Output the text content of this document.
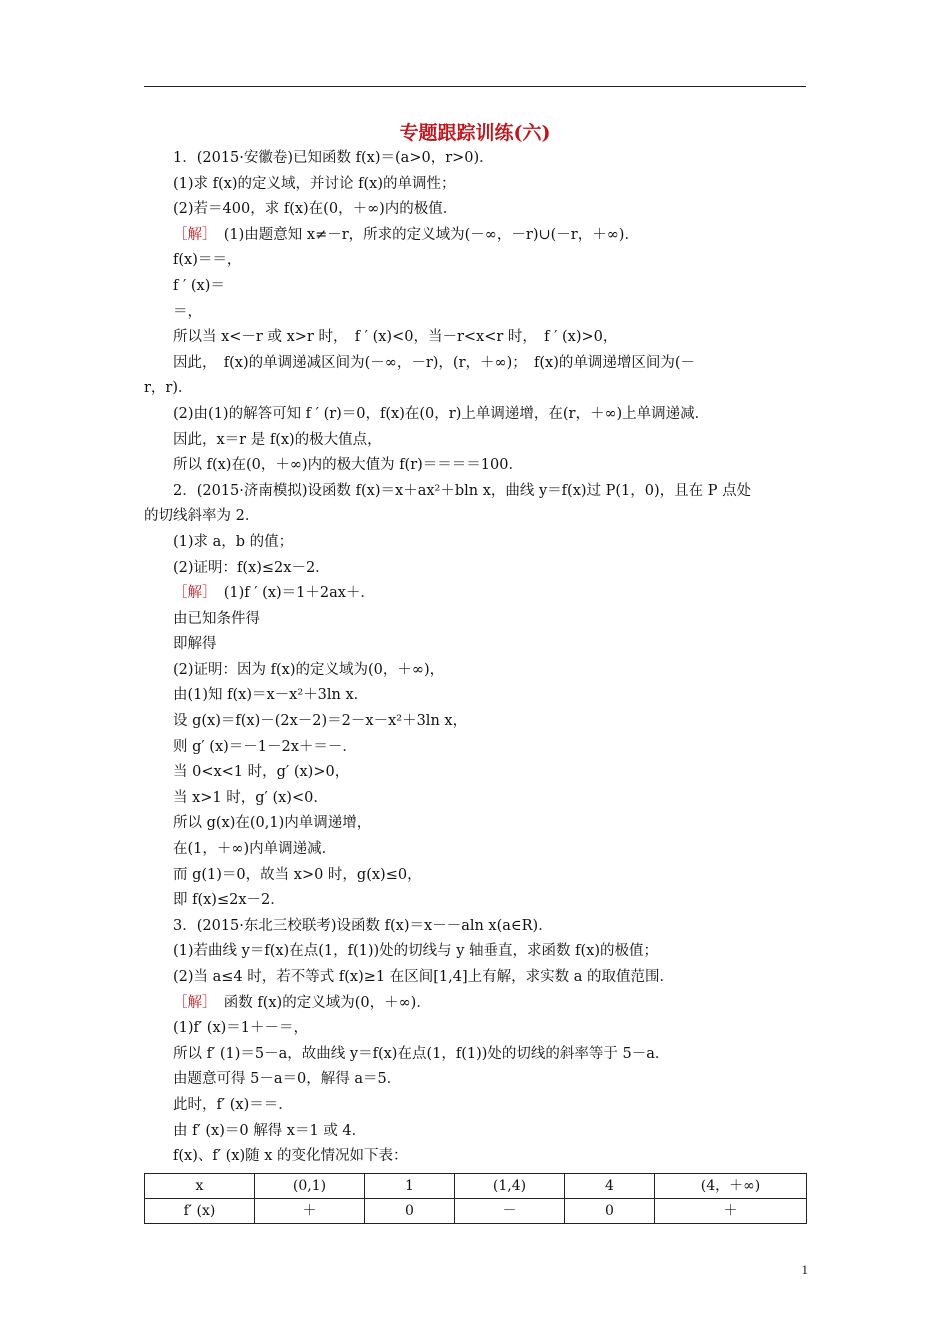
专题跟踪训练(六)

1．(2015·安徽卷)已知函数 f(x)＝(a>0，r>0)．

(1)求 f(x)的定义域，并讨论 f(x)的单调性；

(2)若＝400，求 f(x)在(0，＋∞)内的极值．

［解］　(1)由题意知 x≠－r，所求的定义域为(－∞，－r)∪(－r，＋∞)．

f(x)＝＝，

f ′ (x)＝

＝，

所以当 x<－r 或 x>r 时，　f ′ (x)<0，当－r<x<r 时，　f ′ (x)>0，

因此，　f(x)的单调递减区间为(－∞，－r)，(r，＋∞)；　f(x)的单调递增区间为(－

r，r)．

(2)由(1)的解答可知 f ′ (r)＝0，f(x)在(0，r)上单调递增，在(r，＋∞)上单调递减．

因此，x＝r 是 f(x)的极大值点，

所以 f(x)在(0，＋∞)内的极大值为 f(r)＝＝＝＝100．

2．(2015·济南模拟)设函数 f(x)＝x＋ax²＋bln x，曲线 y＝f(x)过 P(1，0)，且在 P 点处

的切线斜率为 2．

(1)求 a，b 的值；

(2)证明：f(x)≤2x－2．

［解］　(1)f ′ (x)＝1＋2ax＋．

由已知条件得

即解得

(2)证明：因为 f(x)的定义域为(0，＋∞)，

由(1)知 f(x)＝x－x²＋3ln x．

设 g(x)＝f(x)－(2x－2)＝2－x－x²＋3ln x，

则 g′ (x)＝－1－2x＋＝－．

当 0<x<1 时，g′ (x)>0，

当 x>1 时，g′ (x)<0．

所以 g(x)在(0,1)内单调递增，

在(1，＋∞)内单调递减．

而 g(1)＝0，故当 x>0 时，g(x)≤0，

即 f(x)≤2x－2．

3．(2015·东北三校联考)设函数 f(x)＝x－－aln x(a∈R)．

(1)若曲线 y＝f(x)在点(1，f(1))处的切线与 y 轴垂直，求函数 f(x)的极值；

(2)当 a≤4 时，若不等式 f(x)≥1 在区间[1,4]上有解，求实数 a 的取值范围．

［解］　函数 f(x)的定义域为(0，＋∞)．

(1)f′ (x)＝1＋－＝，

所以 f′ (1)＝5－a，故曲线 y＝f(x)在点(1，f(1))处的切线的斜率等于 5－a．

由题意可得 5－a＝0，解得 a＝5．

此时，f′ (x)＝＝．

由 f′ (x)＝0 解得 x＝1 或 4．

f(x)、f′ (x)随 x 的变化情况如下表：

x	(0,1)	1	(1,4)	4	(4，＋∞)
f′ (x)	＋	0	－	0	＋
1
